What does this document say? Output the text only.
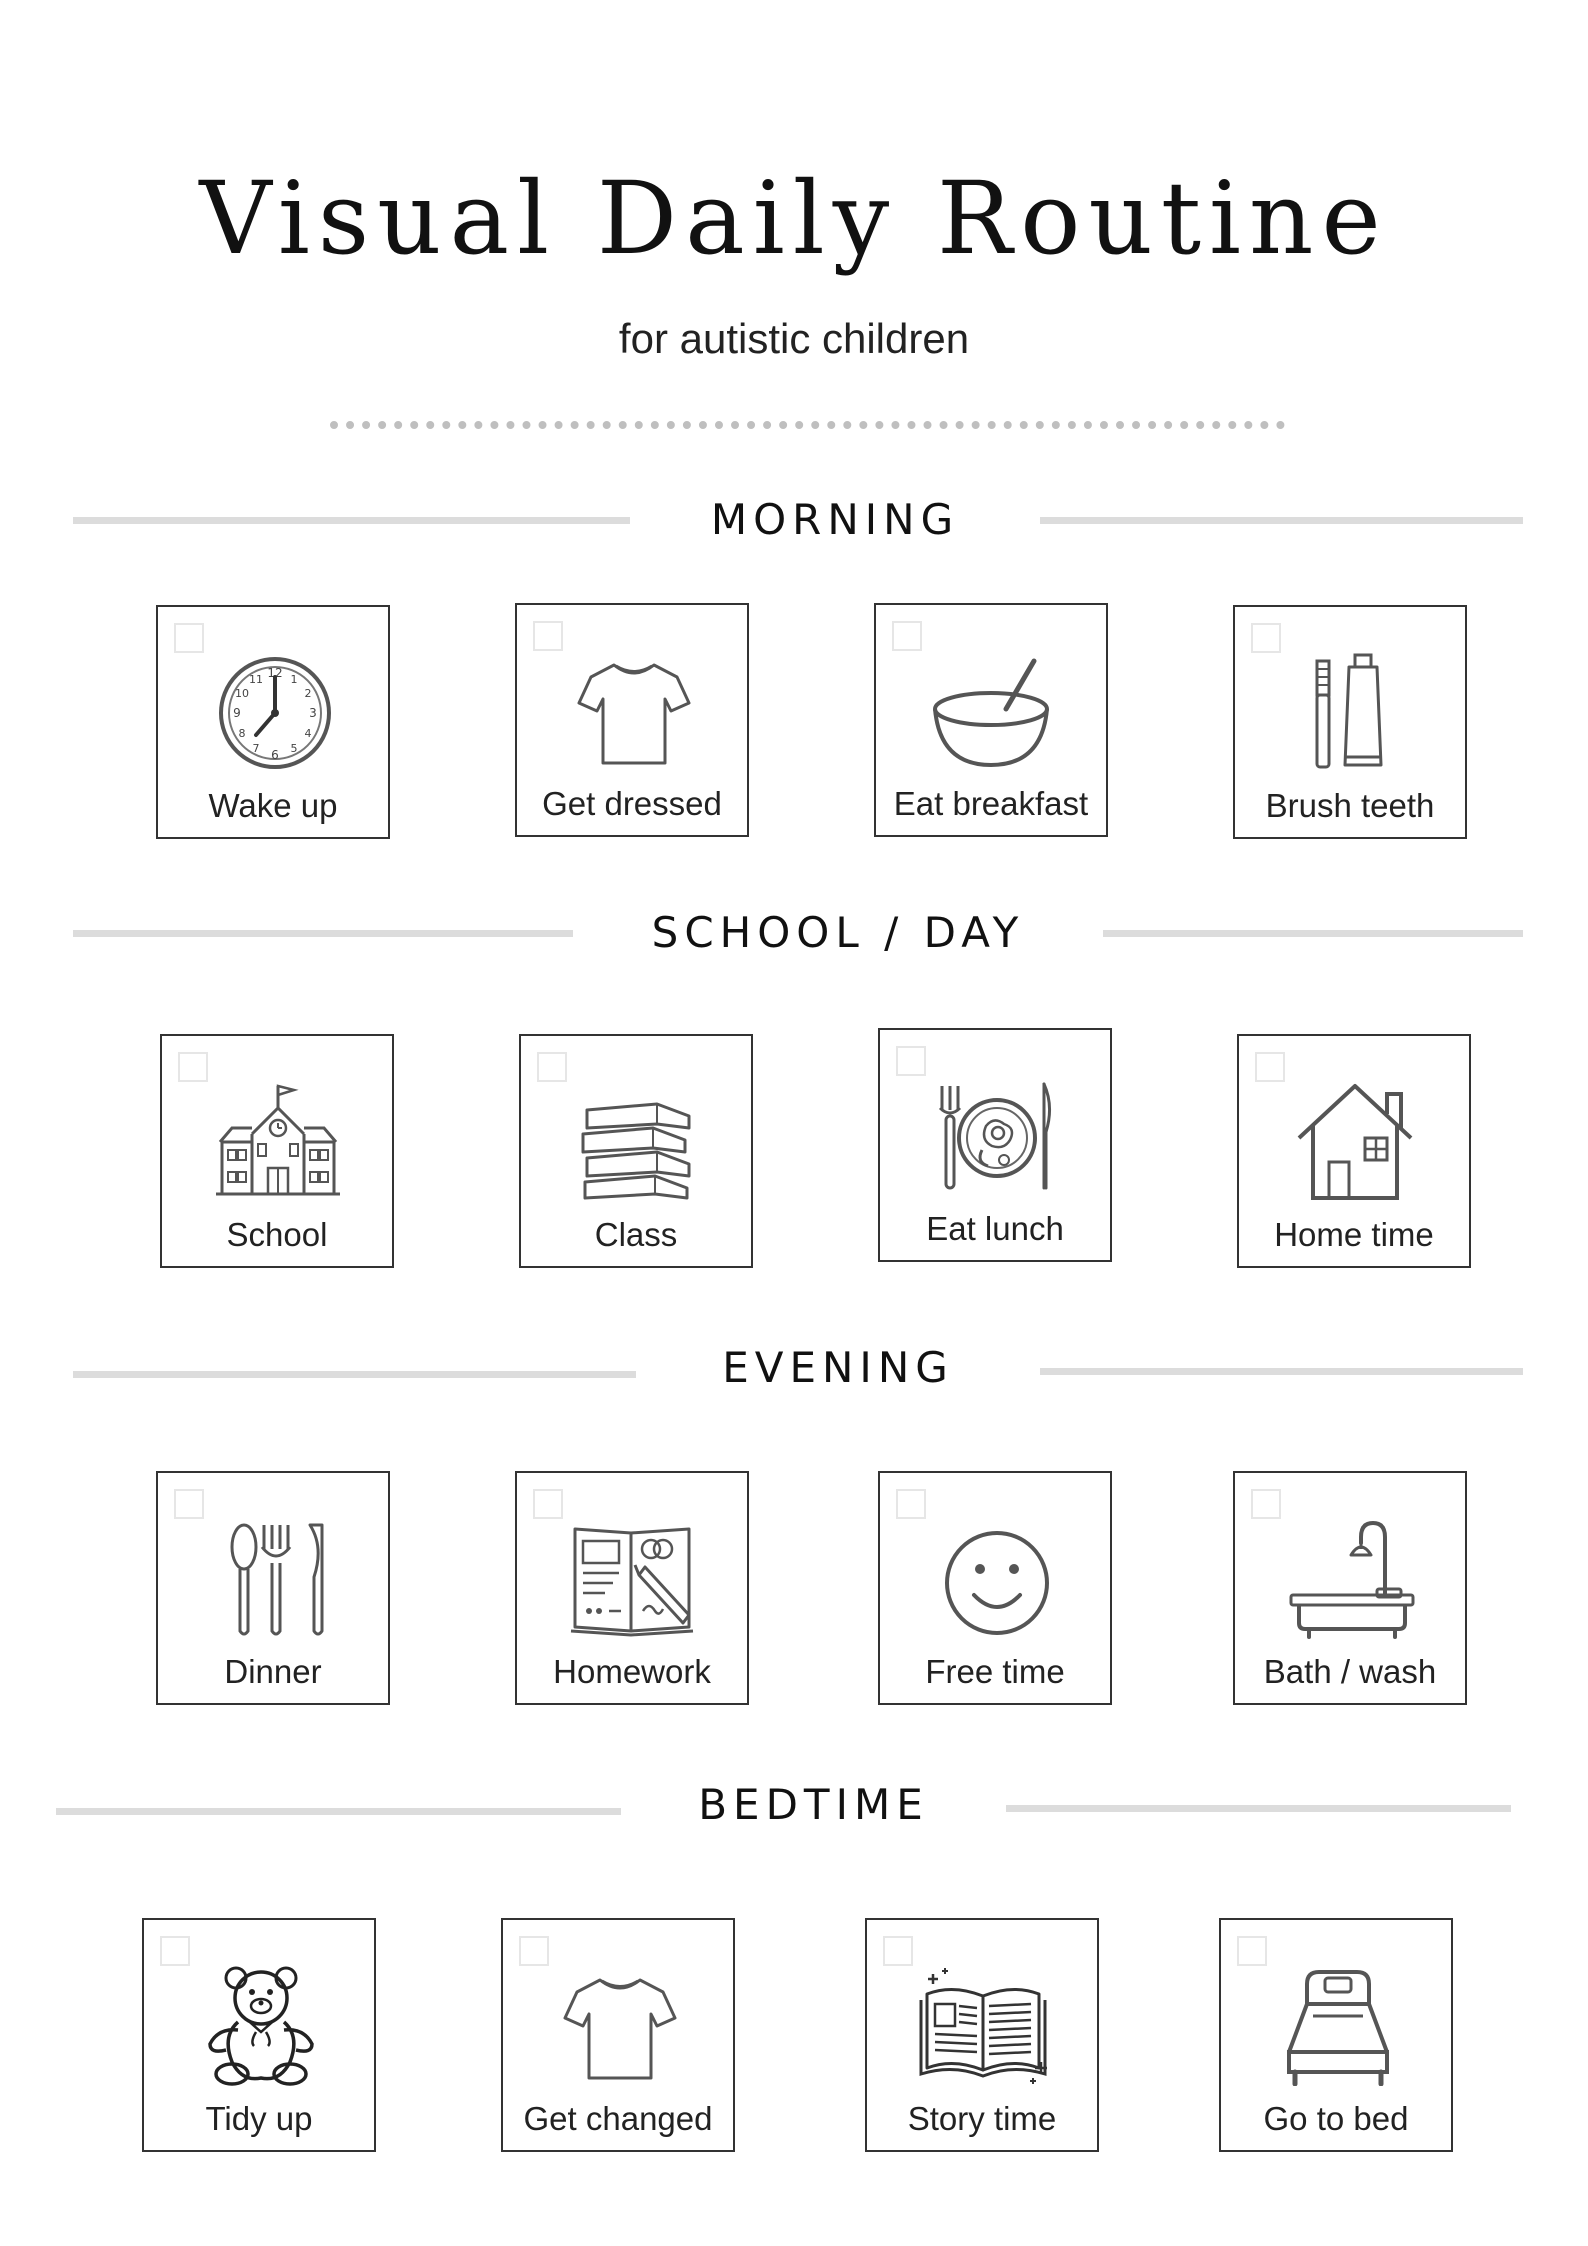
Visual Daily Routine
for autistic children
MORNING
12
6
3
9
1
2
4
5
7
8
10
11
Wake up	Get dressed	Eat breakfast	Brush teeth
SCHOOL / DAY
School	Class	Eat lunch	Home time
EVENING
Dinner	Homework	Free time	Bath / wash
BEDTIME
Tidy up	Get changed	Story time	Go to bed
